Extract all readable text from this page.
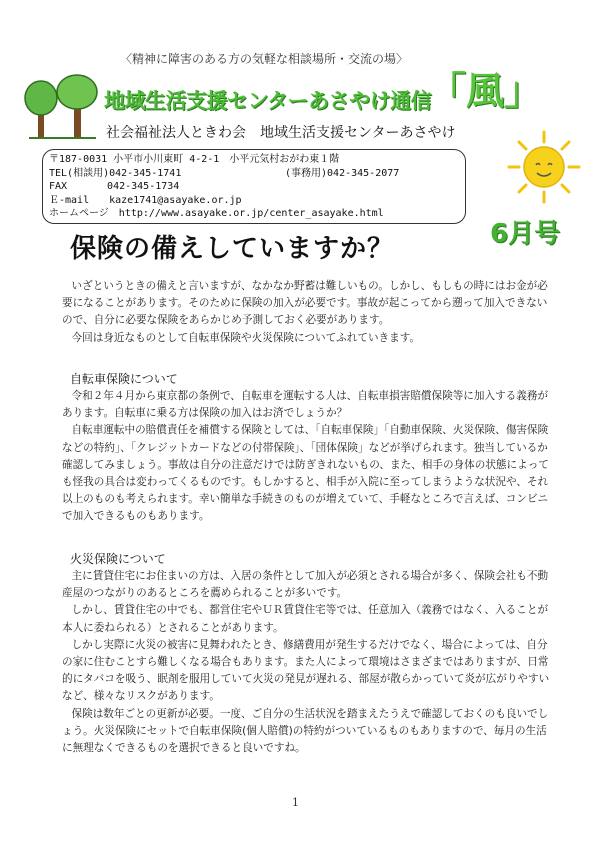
〈精神に障害のある方の気軽な相談場所・交流の場〉
地域生活支援センターあさやけ通信
「風」
社会福祉法人ときわ会　地域生活支援センターあさやけ
〒187-0031 小平市小川東町 4-2-1　小平元気村おがわ東１階
TEL(相談用)042-345-1741	(事務用)042-345-2077
FAX　　　　042-345-1734
Ｅ-mail　　kaze1741@asayake.or.jp
ホームページ　http://www.asayake.or.jp/center_asayake.html
6月号
保険の備えしていますか？

いざというときの備えと言いますが、なかなか野蓄は難しいもの。しかし、もしもの時にはお金が必要になることがあります。そのために保険の加入が必要です。事故が起こってから遡って加入できないので、自分に必要な保険をあらかじめ予測しておく必要があります。

今回は身近なものとして自転車保険や火災保険についてふれていきます。

自転車保険について

令和２年４月から東京都の条例で、自転車を運転する人は、自転車損害賠償保険等に加入する義務があります。自転車に乗る方は保険の加入はお済でしょうか？

自転車運転中の賠償責任を補償する保険としては、「自転車保険」「自動車保険、火災保険、傷害保険などの特約」、「クレジットカードなどの付帯保険」、「団体保険」などが挙げられます。独当しているか確認してみましょう。事故は自分の注意だけでは防ぎきれないもの、また、相手の身体の状態によっても怪我の具合は変わってくるものです。もしかすると、相手が入院に至ってしまうような状況や、それ以上のものも考えられます。幸い簡単な手続きのものが増えていて、手軽なところで言えば、コンビニで加入できるものもあります。

火災保険について

主に賃貸住宅にお住まいの方は、入居の条件として加入が必須とされる場合が多く、保険会社も不動産屋のつながりのあるところを薦められることが多いです。

しかし、賃貸住宅の中でも、都営住宅やＵＲ賃貸住宅等では、任意加入（義務ではなく、入ることが本人に委ねられる）とされることがあります。

しかし実際に火災の被害に見舞われたとき、修繕費用が発生するだけでなく、場合によっては、自分の家に住むことすら難しくなる場合もあります。また人によって環境はさまざまではありますが、日常的にタバコを吸う、眠剤を服用していて火災の発見が遅れる、部屋が散らかっていて炎が広がりやすいなど、様々なリスクがあります。

保険は数年ごとの更新が必要。一度、ご自分の生活状況を踏まえたうえで確認しておくのも良いでしょう。火災保険にセットで自転車保険(個人賠償)の特約がついているものもありますので、毎月の生活に無理なくできるものを選択できると良いですね。

1
